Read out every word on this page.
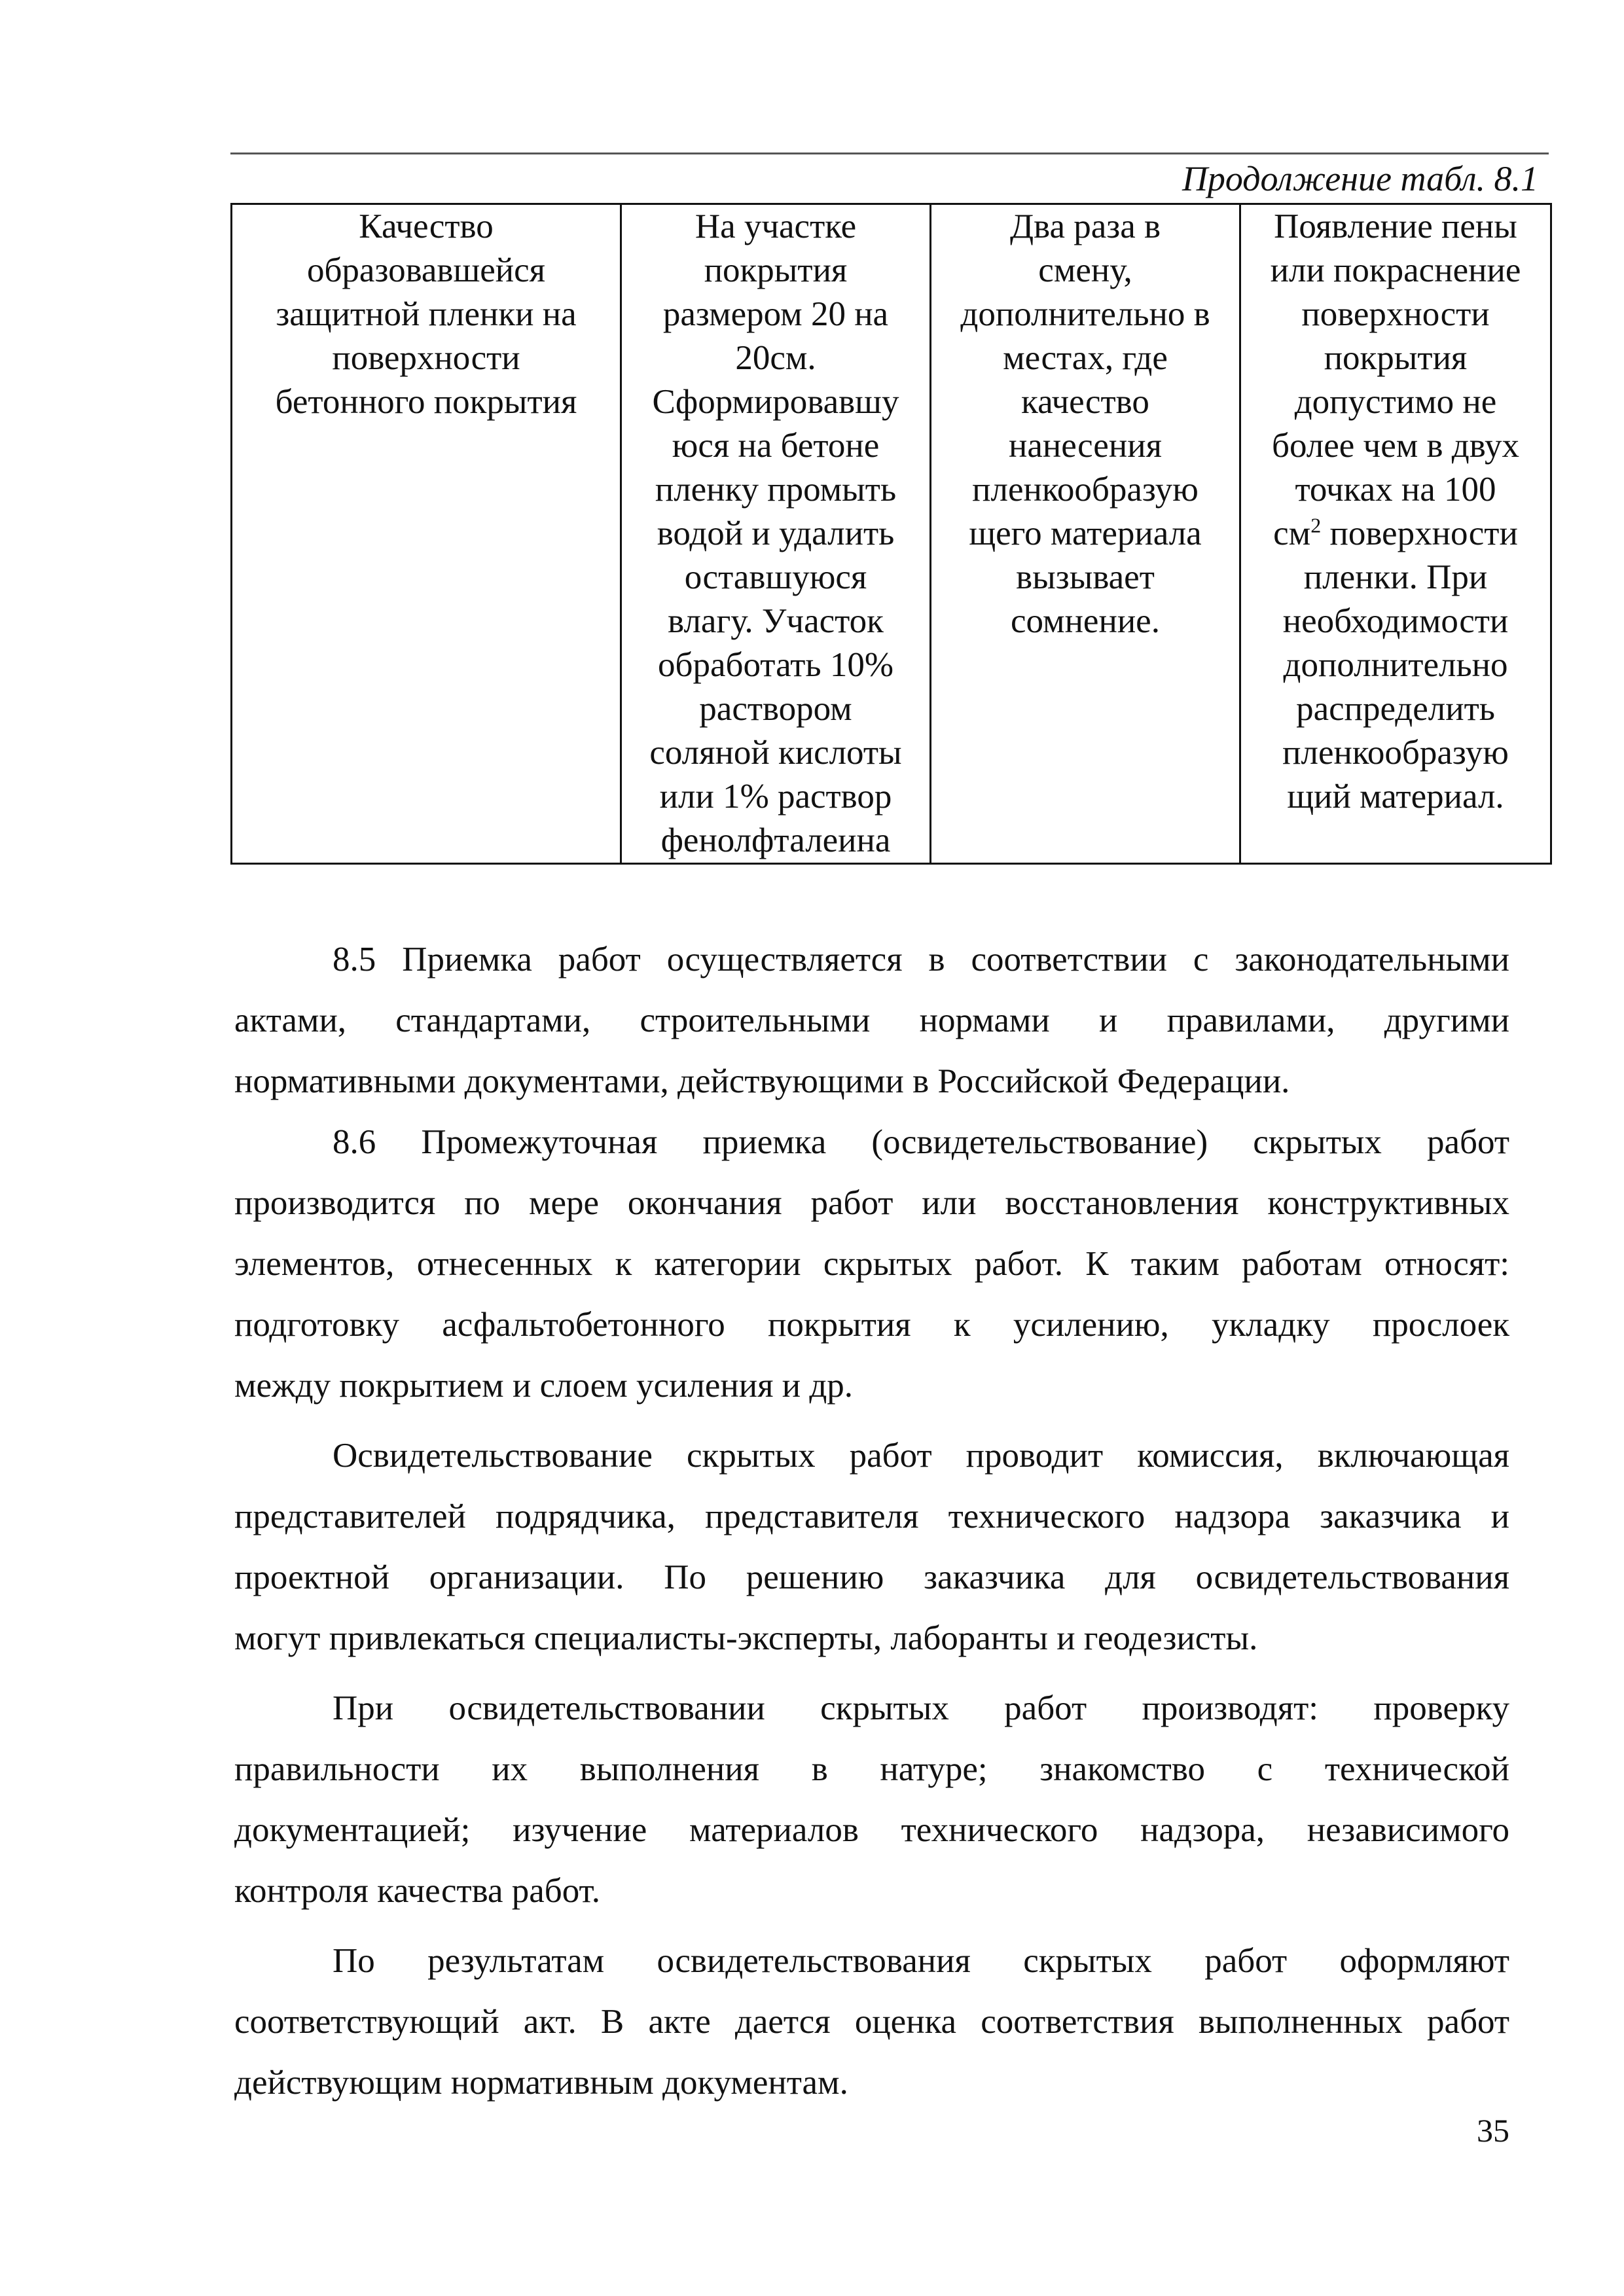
Продолжение табл. 8.1
Качество
образовавшейся
защитной пленки на
поверхности
бетонного покрытия

На участке
покрытия
размером 20 на
20см.
Сформировавшу
юся на бетоне
пленку промыть
водой и удалить
оставшуюся
влагу. Участок
обработать 10%
раствором
соляной кислоты
или 1% раствор
фенолфталеина

Два раза в
смену,
дополнительно в
местах, где
качество
нанесения
пленкообразую
щего материала
вызывает
сомнение.

Появление пены
или покраснение
поверхности
покрытия
допустимо не
более чем в двух
точках на 100
$см^2$ поверхности
пленки. При
необходимости
дополнительно
распределить
пленкообразую
щий материал.
8.5 Приемка работ осуществляется в соответствии с законодательными
актами, стандартами, строительными нормами и правилами, другими
нормативными документами, действующими в Российской Федерации.
8.6 Промежуточная приемка (освидетельствование) скрытых работ
производится по мере окончания работ или восстановления конструктивных
элементов, отнесенных к категории скрытых работ. К таким работам относят:
подготовку асфальтобетонного покрытия к усилению, укладку прослоек
между покрытием и слоем усиления и др.
Освидетельствование скрытых работ проводит комиссия, включающая
представителей подрядчика, представителя технического надзора заказчика и
проектной организации. По решению заказчика для освидетельствования
могут привлекаться специалисты-эксперты, лаборанты и геодезисты.
При освидетельствовании скрытых работ производят: проверку
правильности их выполнения в натуре; знакомство с технической
документацией; изучение материалов технического надзора, независимого
контроля качества работ.
По результатам освидетельствования скрытых работ оформляют
соответствующий акт. В акте дается оценка соответствия выполненных работ
действующим нормативным документам.
35
